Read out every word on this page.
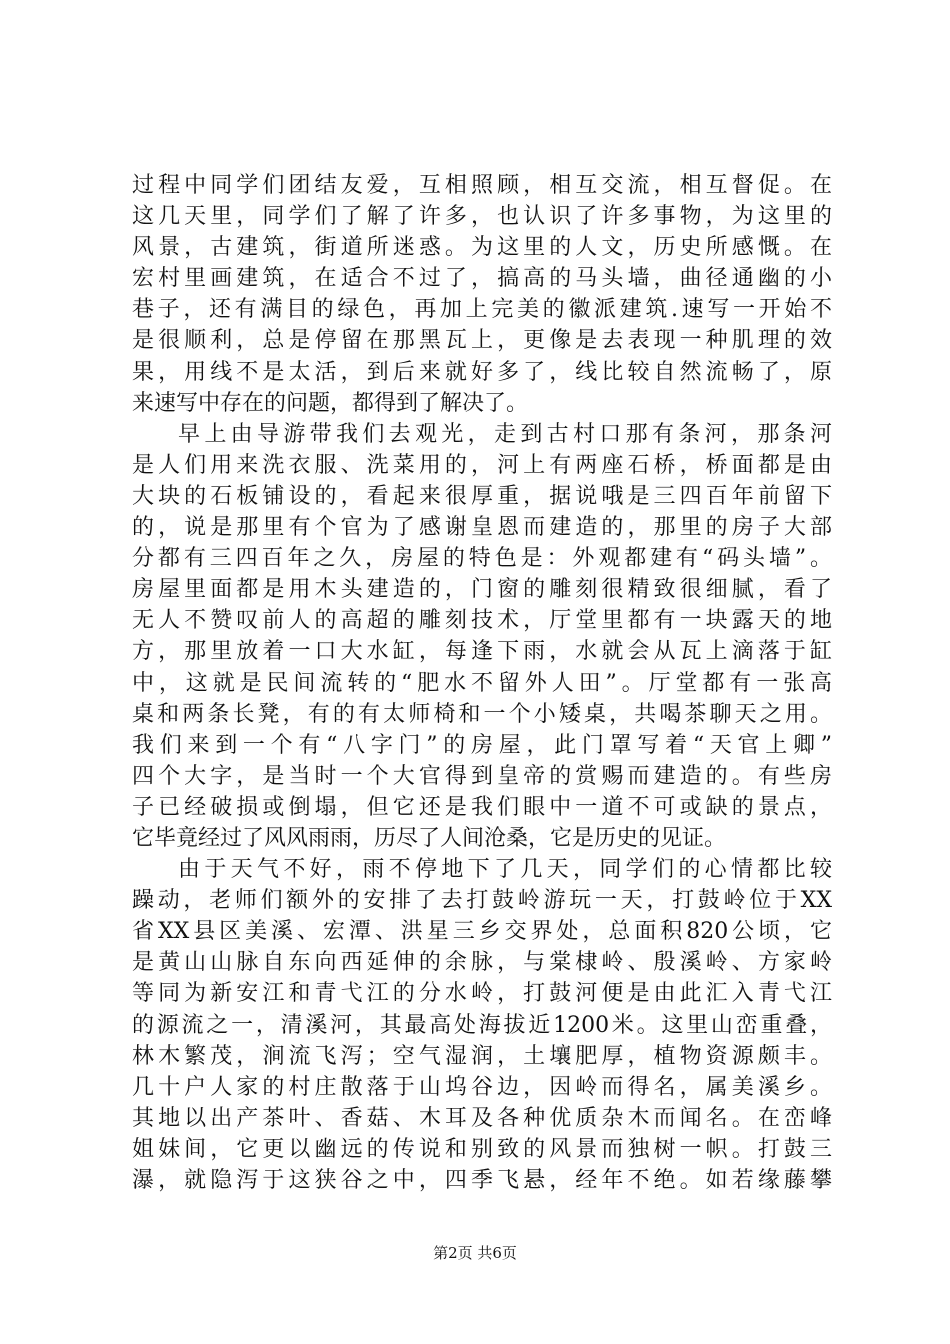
过程中同学们团结友爱，互相照顾，相互交流，相互督促。在
这几天里，同学们了解了许多，也认识了许多事物，为这里的
风景，古建筑，街道所迷惑。为这里的人文，历史所感慨。在
宏村里画建筑，在适合不过了，搞高的马头墙，曲径通幽的小
巷子，还有满目的绿色，再加上完美的徽派建筑.速写一开始不
是很顺利，总是停留在那黑瓦上，更像是去表现一种肌理的效
果，用线不是太活，到后来就好多了，线比较自然流畅了，原
来速写中存在的问题，都得到了解决了。
早上由导游带我们去观光，走到古村口那有条河，那条河
是人们用来洗衣服、洗菜用的，河上有两座石桥，桥面都是由
大块的石板铺设的，看起来很厚重，据说哦是三四百年前留下
的，说是那里有个官为了感谢皇恩而建造的，那里的房子大部
分都有三四百年之久，房屋的特色是：外观都建有“码头墙”。
房屋里面都是用木头建造的，门窗的雕刻很精致很细腻，看了
无人不赞叹前人的高超的雕刻技术，厅堂里都有一块露天的地
方，那里放着一口大水缸，每逢下雨，水就会从瓦上滴落于缸
中，这就是民间流转的“肥水不留外人田”。厅堂都有一张高
桌和两条长凳，有的有太师椅和一个小矮桌，共喝茶聊天之用。
我们来到一个有“八字门”的房屋，此门罩写着“天官上卿”
四个大字，是当时一个大官得到皇帝的赏赐而建造的。有些房
子已经破损或倒塌，但它还是我们眼中一道不可或缺的景点，
它毕竟经过了风风雨雨，历尽了人间沧桑，它是历史的见证。
由于天气不好，雨不停地下了几天，同学们的心情都比较
躁动，老师们额外的安排了去打鼓岭游玩一天，打鼓岭位于XX
省XX县区美溪、宏潭、洪星三乡交界处，总面积820公顷，它
是黄山山脉自东向西延伸的余脉，与棠棣岭、殷溪岭、方家岭
等同为新安江和青弋江的分水岭，打鼓河便是由此汇入青弋江
的源流之一，清溪河，其最高处海拔近1200米。这里山峦重叠，
林木繁茂，涧流飞泻；空气湿润，土壤肥厚，植物资源颇丰。
几十户人家的村庄散落于山坞谷边，因岭而得名，属美溪乡。
其地以出产茶叶、香菇、木耳及各种优质杂木而闻名。在峦峰
姐妹间，它更以幽远的传说和别致的风景而独树一帜。打鼓三
瀑，就隐泻于这狭谷之中，四季飞悬，经年不绝。如若缘藤攀
第2页 共6页
